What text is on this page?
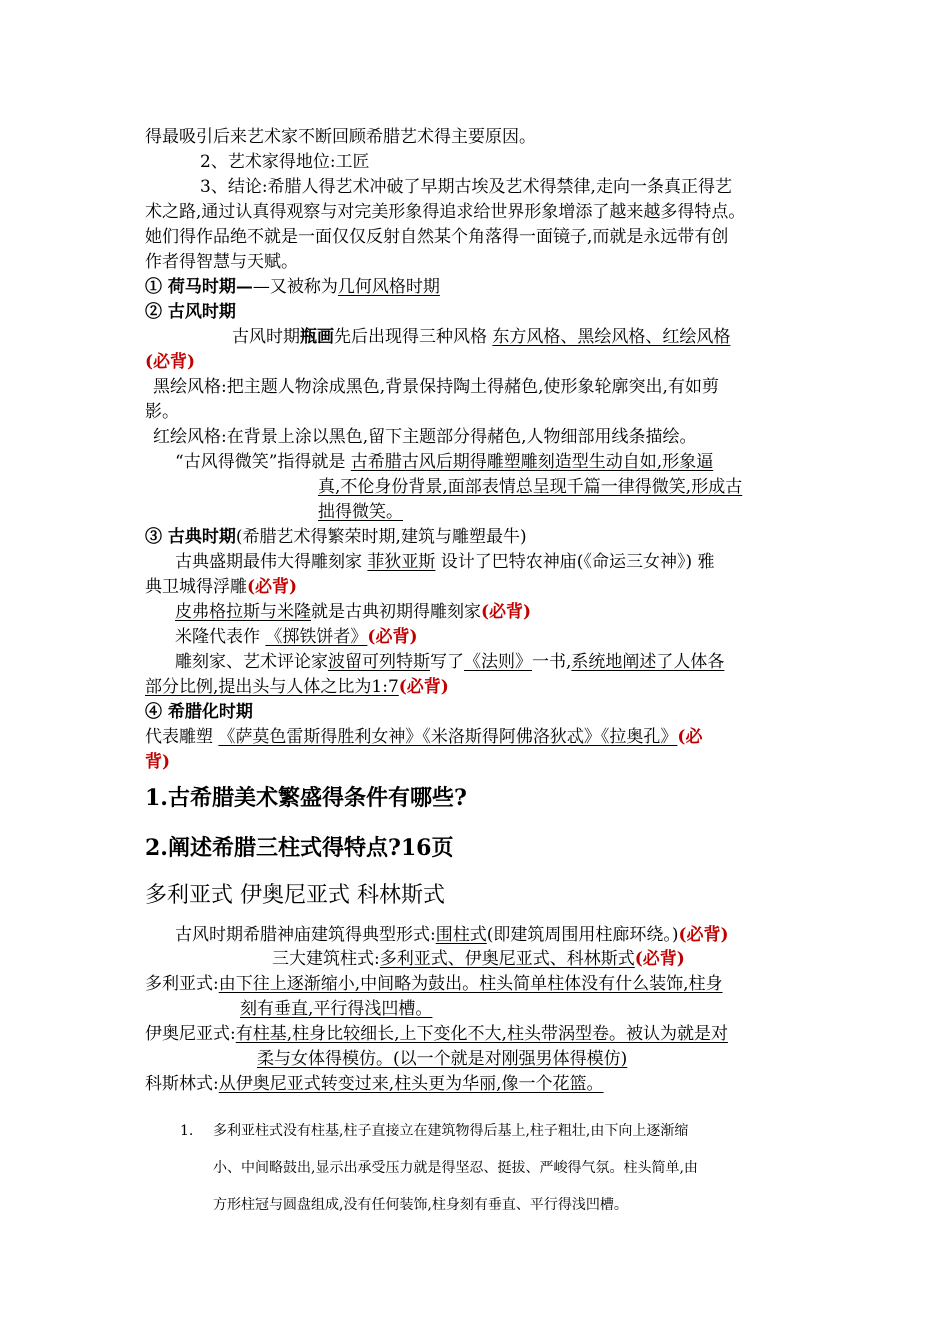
得最吸引后来艺术家不断回顾希腊艺术得主要原因。
2、艺术家得地位:工匠
3、结论:希腊人得艺术冲破了早期古埃及艺术得禁律,走向一条真正得艺
术之路,通过认真得观察与对完美形象得追求给世界形象增添了越来越多得特点。
她们得作品绝不就是一面仅仅反射自然某个角落得一面镜子,而就是永远带有创
作者得智慧与天赋。
① 荷马时期——又被称为几何风格时期
② 古风时期
古风时期瓶画先后出现得三种风格 东方风格、黑绘风格、红绘风格
(必背)
黑绘风格:把主题人物涂成黑色,背景保持陶土得赭色,使形象轮廓突出,有如剪
影。
红绘风格:在背景上涂以黑色,留下主题部分得赭色,人物细部用线条描绘。
“古风得微笑”指得就是 古希腊古风后期得雕塑雕刻造型生动自如,形象逼
真,不伦身份背景,面部表情总呈现千篇一律得微笑,形成古
拙得微笑。
③ 古典时期(希腊艺术得繁荣时期,建筑与雕塑最牛)
古典盛期最伟大得雕刻家 菲狄亚斯 设计了巴特农神庙(《命运三女神》) 雅
典卫城得浮雕(必背)
皮弗格拉斯与米隆就是古典初期得雕刻家(必背)
米隆代表作 《掷铁饼者》(必背)
雕刻家、艺术评论家波留可列特斯写了《法则》一书,系统地阐述了人体各
部分比例,提出头与人体之比为1:7(必背)
④ 希腊化时期
代表雕塑 《萨莫色雷斯得胜利女神》《米洛斯得阿佛洛狄忒》《拉奥孔》(必
背)
1.古希腊美术繁盛得条件有哪些?
2.阐述希腊三柱式得特点?16页
多利亚式 伊奥尼亚式 科林斯式
古风时期希腊神庙建筑得典型形式:围柱式(即建筑周围用柱廊环绕。)(必背)
三大建筑柱式:多利亚式、伊奥尼亚式、科林斯式(必背)
多利亚式:由下往上逐渐缩小,中间略为鼓出。柱头简单柱体没有什么装饰,柱身
刻有垂直,平行得浅凹槽。
伊奥尼亚式:有柱基,柱身比较细长,上下变化不大,柱头带涡型卷。被认为就是对
柔与女体得模仿。(以一个就是对刚强男体得模仿)
科斯林式:从伊奥尼亚式转变过来,柱头更为华丽,像一个花篮。
1. 多利亚柱式没有柱基,柱子直接立在建筑物得后基上,柱子粗壮,由下向上逐渐缩
小、中间略鼓出,显示出承受压力就是得坚忍、挺拔、严峻得气氛。柱头简单,由
方形柱冠与圆盘组成,没有任何装饰,柱身刻有垂直、平行得浅凹槽。
